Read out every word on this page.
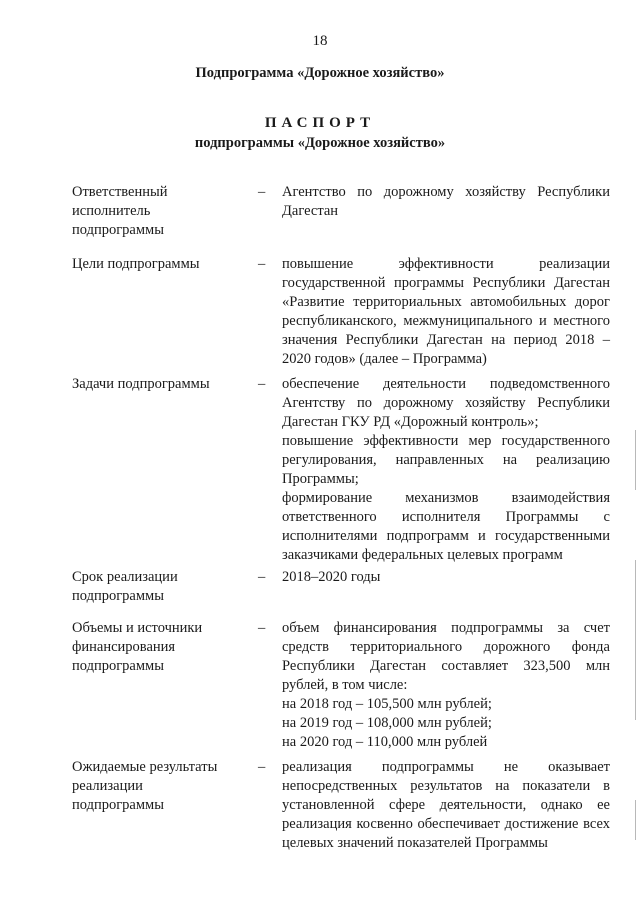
18
Подпрограмма «Дорожное хозяйство»
ПАСПОРТ
подпрограммы «Дорожное хозяйство»
Ответственный
исполнитель
подпрограммы
– Агентство по дорожному хозяйству Республики Дагестан

Цели подпрограммы	– повышение эффективности реализации государственной программы Республики Дагестан «Развитие территориальных автомобильных дорог республиканского, межмуниципального и местного значения Республики Дагестан на период 2018 – 2020 годов» (далее – Программа)

Задачи подпрограммы	– обеспечение деятельности подведомственного Агентству по дорожному хозяйству Республики Дагестан ГКУ РД «Дорожный контроль»;

повышение эффективности мер государственного регулирования, направленных на реализацию Программы;

формирование механизмов взаимодействия ответственного исполнителя Программы с исполнителями подпрограмм и государственными заказчиками федеральных целевых программ

Срок реализации
подпрограммы
– 2018–2020 годы

Объемы и источники
финансирования
подпрограммы
– объем финансирования подпрограммы за счет средств территориального дорожного фонда Республики Дагестан составляет 323,500 млн рублей, в том числе:

на 2018 год – 105,500 млн рублей;

на 2019 год – 108,000 млн рублей;

на 2020 год – 110,000 млн рублей

Ожидаемые результаты
реализации
подпрограммы
– реализация подпрограммы не оказывает непосредственных результатов на показатели в установленной сфере деятельности, однако ее реализация косвенно обеспечивает достижение всех целевых значений показателей Программы
